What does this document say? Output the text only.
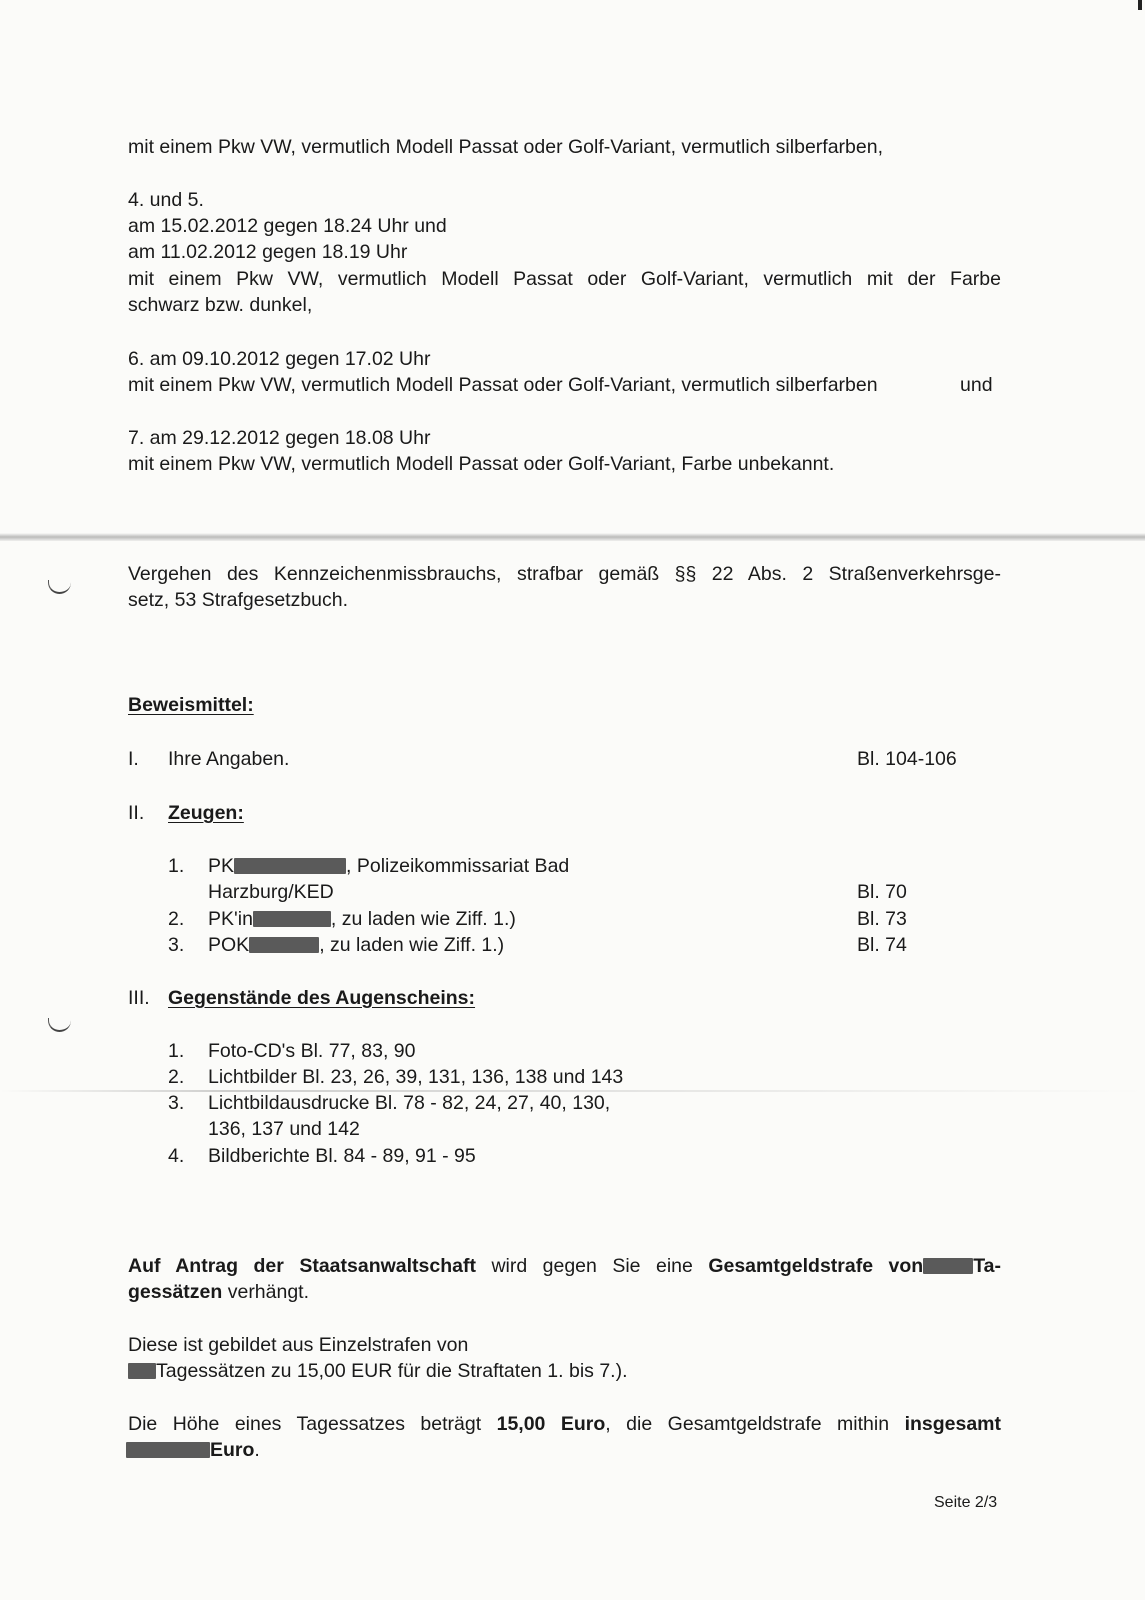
mit einem Pkw VW, vermutlich Modell Passat oder Golf-Variant, vermutlich silberfarben,
4. und 5.
am 15.02.2012 gegen 18.24 Uhr und
am 11.02.2012 gegen 18.19 Uhr
mit einem Pkw VW, vermutlich Modell Passat oder Golf-Variant, vermutlich mit der Farbe
schwarz bzw. dunkel,
6. am 09.10.2012 gegen 17.02 Uhr
mit einem Pkw VW, vermutlich Modell Passat oder Golf-Variant, vermutlich silberfarben	und
7. am 29.12.2012 gegen 18.08 Uhr
mit einem Pkw VW, vermutlich Modell Passat oder Golf-Variant, Farbe unbekannt.
Vergehen des Kennzeichenmissbrauchs, strafbar gemäß §§ 22 Abs. 2 Straßenverkehrsge-
setz, 53 Strafgesetzbuch.
Beweismittel:
I. Ihre Angaben.	Bl. 104-106
II. Zeugen:
1. PK	, Polizeikommissariat Bad
Harzburg/KED	Bl. 70
2. PK'in	, zu laden wie Ziff. 1.)	Bl. 73
3. POK	, zu laden wie Ziff. 1.)	Bl. 74
III. Gegenstände des Augenscheins:
1. Foto-CD's Bl. 77, 83, 90
2. Lichtbilder Bl. 23, 26, 39, 131, 136, 138 und 143
3. Lichtbildausdrucke Bl. 78 - 82, 24, 27, 40, 130,
136, 137 und 142
4. Bildberichte Bl. 84 - 89, 91 - 95
Auf Antrag der Staatsanwaltschaft wird gegen Sie eine Gesamtgeldstrafe von	Ta-
gessätzen verhängt.
Diese ist gebildet aus Einzelstrafen von
Tagessätzen zu 15,00 EUR für die Straftaten 1. bis 7.).
Die Höhe eines Tagessatzes beträgt 15,00 Euro, die Gesamtgeldstrafe mithin insgesamt
Euro.
Seite 2/3
